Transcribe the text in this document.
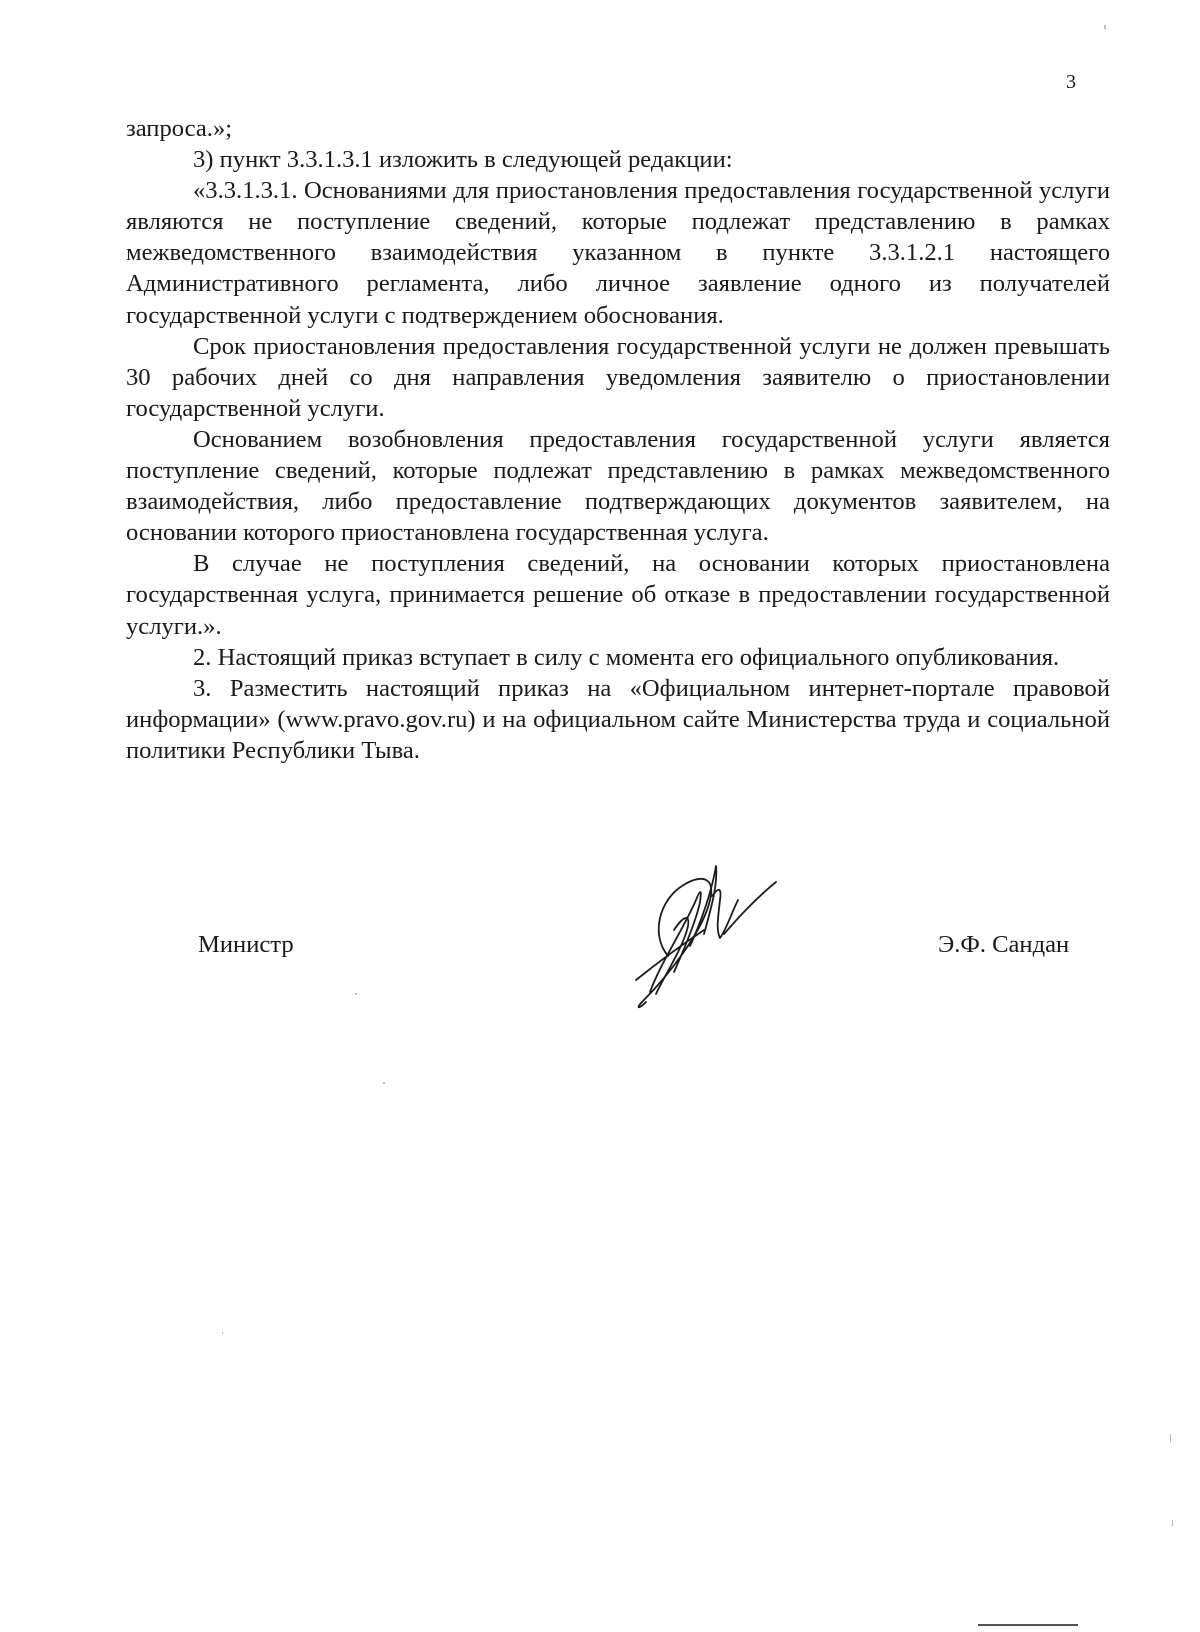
3

запроса.»;

3) пункт 3.3.1.3.1 изложить в следующей редакции:

«3.3.1.3.1. Основаниями для приостановления предоставления государственной услуги являются не поступление сведений, которые подлежат представлению в рамках межведомственного взаимодействия указанном в пункте 3.3.1.2.1 настоящего Административного регламента, либо личное заявление одного из получателей государственной услуги с подтверждением обоснования.

Срок приостановления предоставления государственной услуги не должен превышать 30 рабочих дней со дня направления уведомления заявителю о приостановлении государственной услуги.

Основанием возобновления предоставления государственной услуги является поступление сведений, которые подлежат представлению в рамках межведомственного взаимодействия, либо предоставление подтверждающих документов заявителем, на основании которого приостановлена государственная услуга.

В случае не поступления сведений, на основании которых приостановлена государственная услуга, принимается решение об отказе в предоставлении государственной услуги.».

2. Настоящий приказ вступает в силу с момента его официального опубликования.

3. Разместить настоящий приказ на «Официальном интернет-портале правовой информации» (www.pravo.gov.ru) и на официальном сайте Министерства труда и социальной политики Республики Тыва.

Министр	Э.Ф. Сандан
